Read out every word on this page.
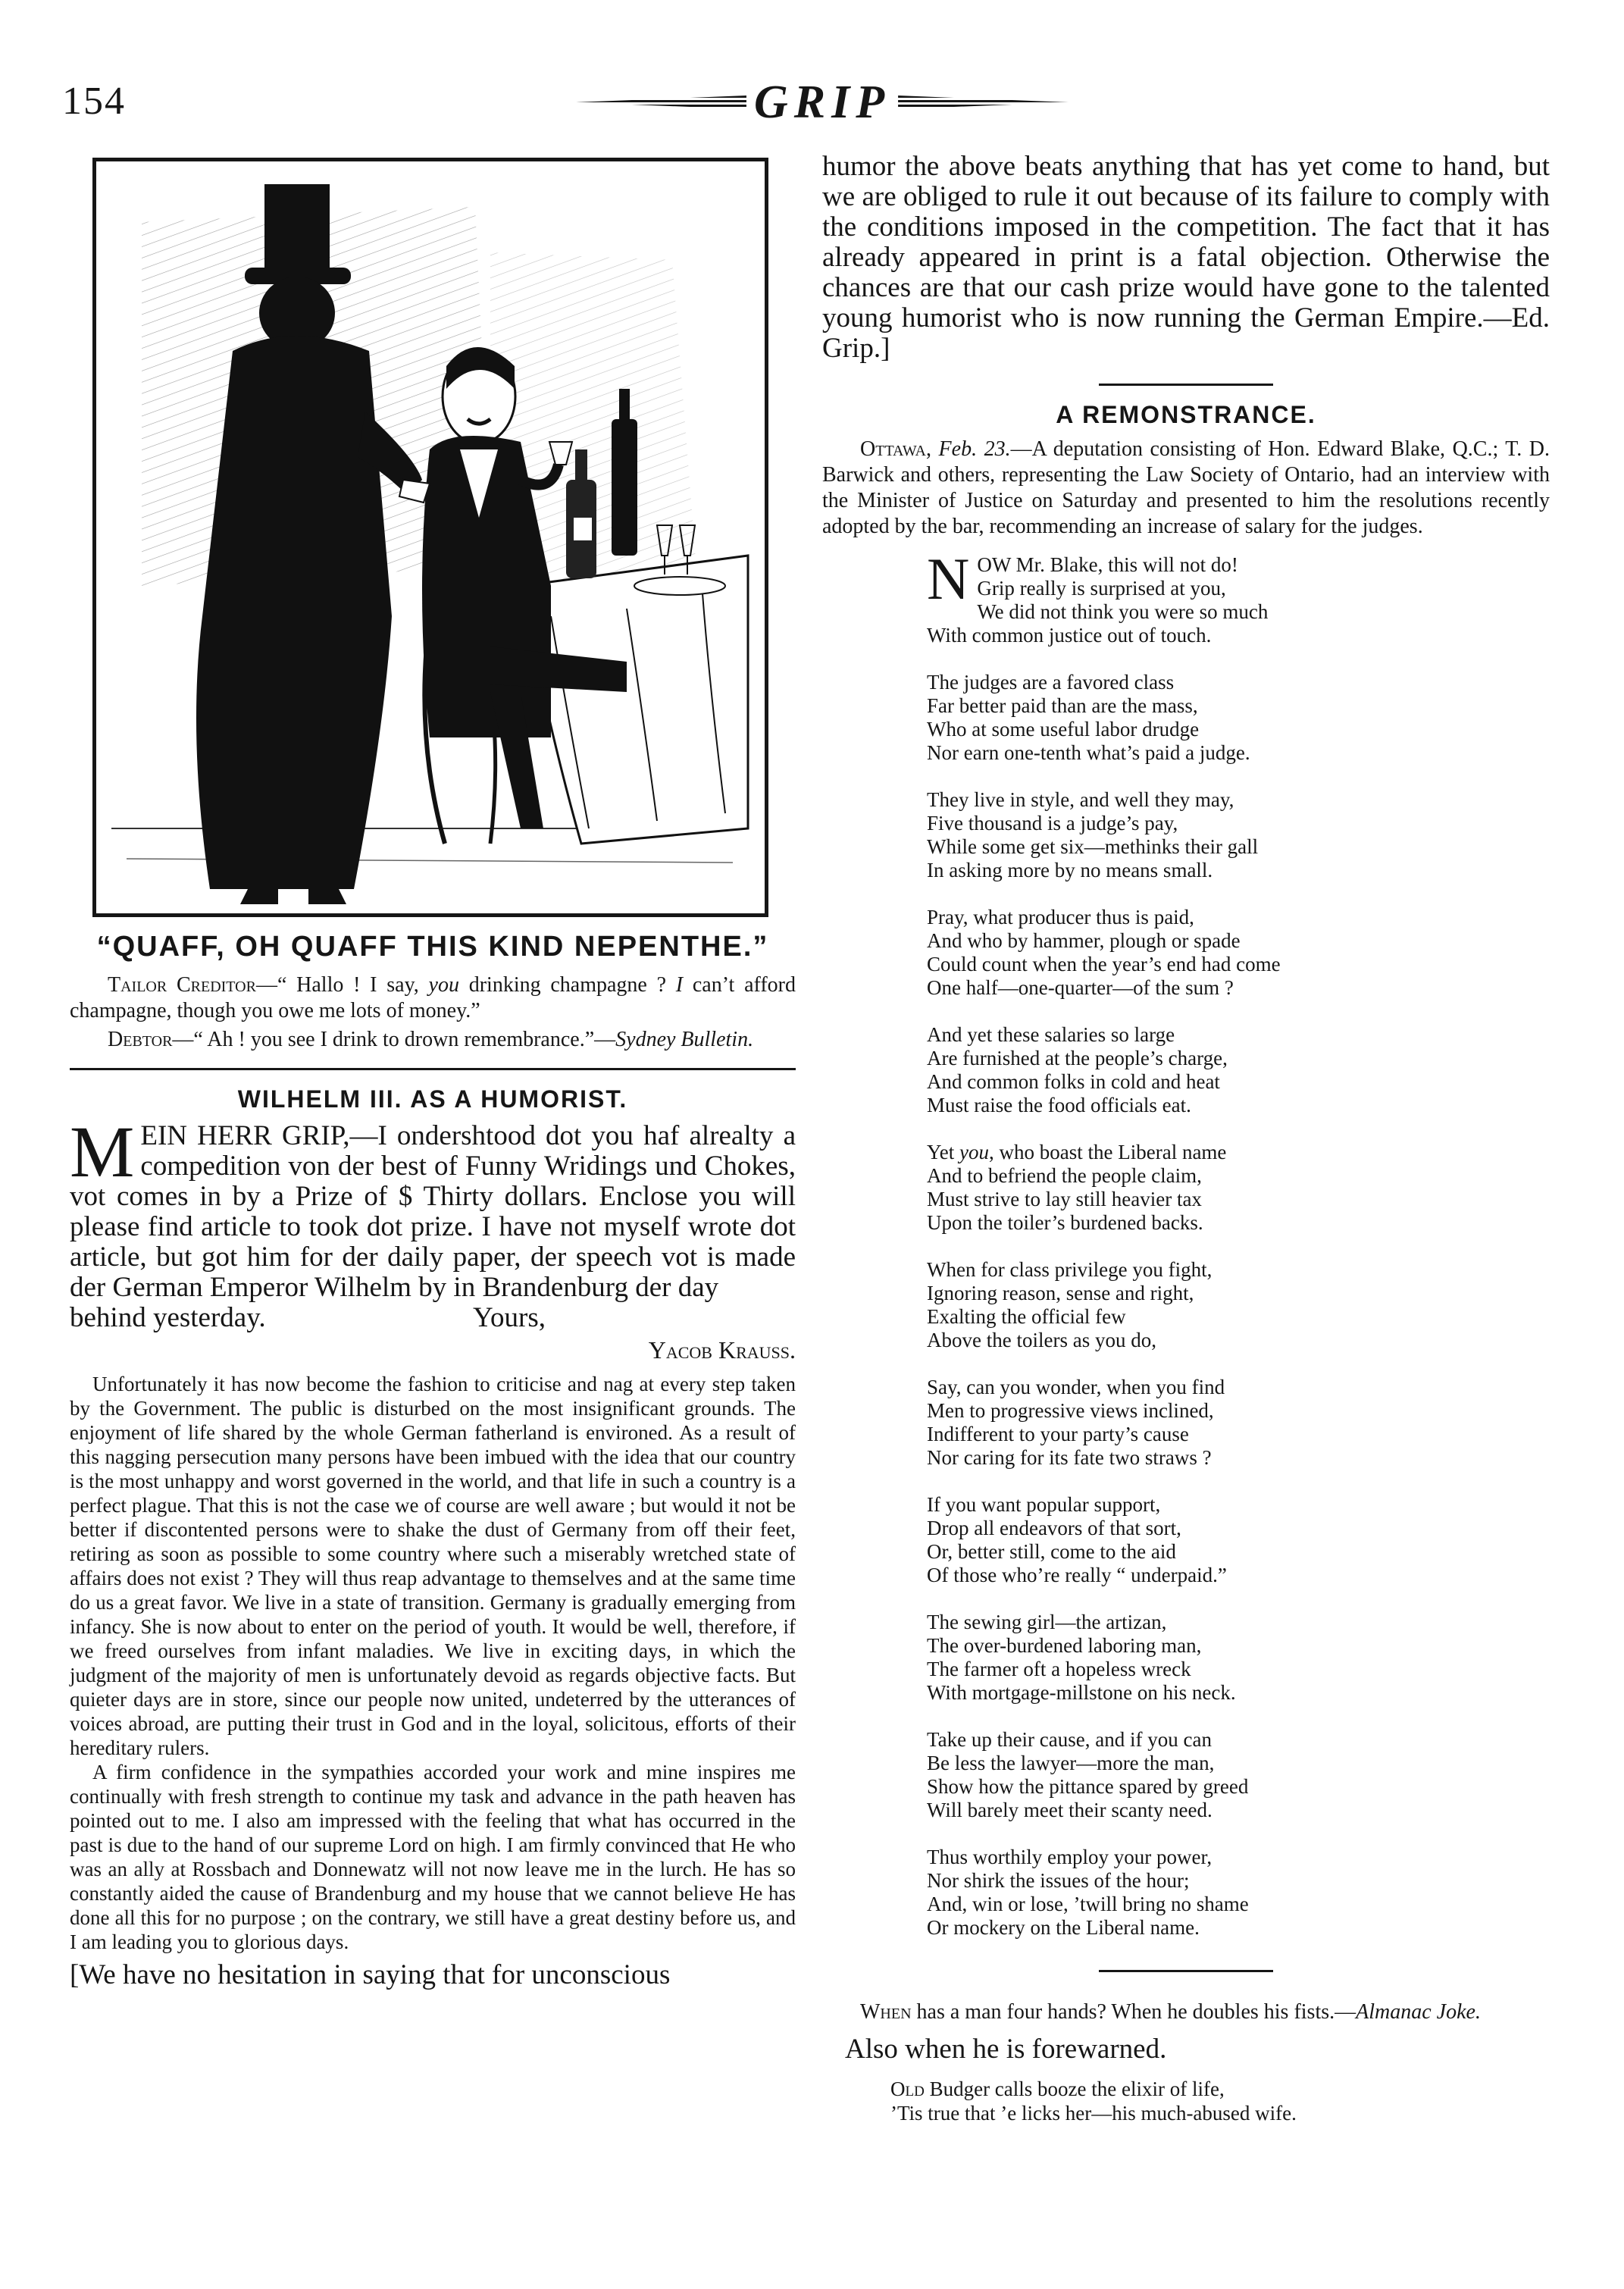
154	GRIP
“QUAFF, OH QUAFF THIS KIND NEPENTHE.”

Tailor Creditor—“ Hallo ! I say, you drinking champagne ? I can’t afford champagne, though you owe me lots of money.”

Debtor—“ Ah ! you see I drink to drown remembrance.”—Sydney Bulletin.

WILHELM III. AS A HUMORIST.

MEIN HERR GRIP,—I ondershtood dot you haf alrealty a compedition von der best of Funny Wridings und Chokes, vot comes in by a Prize of $ Thirty dollars. Enclose you will please find article to took dot prize. I have not myself wrote dot article, but got him for der daily paper, der speech vot is made der German Emperor Wilhelm by in Brandenburg der day

behind yesterday.	Yours,
Yacob Krauss.

Unfortunately it has now become the fashion to criticise and nag at every step taken by the Government. The public is disturbed on the most insignificant grounds. The enjoyment of life shared by the whole German fatherland is environed. As a result of this nagging persecution many persons have been imbued with the idea that our country is the most unhappy and worst governed in the world, and that life in such a country is a perfect plague. That this is not the case we of course are well aware ; but would it not be better if discontented persons were to shake the dust of Germany from off their feet, retiring as soon as possible to some country where such a miserably wretched state of affairs does not exist ? They will thus reap advantage to themselves and at the same time do us a great favor. We live in a state of transition. Germany is gradually emerging from infancy. She is now about to enter on the period of youth. It would be well, therefore, if we freed ourselves from infant maladies. We live in exciting days, in which the judgment of the majority of men is unfortunately devoid as regards objective facts. But quieter days are in store, since our people now united, undeterred by the utterances of voices abroad, are putting their trust in God and in the loyal, solicitous, efforts of their hereditary rulers.

A firm confidence in the sympathies accorded your work and mine inspires me continually with fresh strength to continue my task and advance in the path heaven has pointed out to me. I also am impressed with the feeling that what has occurred in the past is due to the hand of our supreme Lord on high. I am firmly convinced that He who was an ally at Rossbach and Donnewatz will not now leave me in the lurch. He has so constantly aided the cause of Brandenburg and my house that we cannot believe He has done all this for no purpose ; on the contrary, we still have a great destiny before us, and I am leading you to glorious days.

[We have no hesitation in saying that for unconscious

humor the above beats anything that has yet come to hand, but we are obliged to rule it out because of its failure to comply with the conditions imposed in the competition. The fact that it has already appeared in print is a fatal objection. Otherwise the chances are that our cash prize would have gone to the talented young humorist who is now running the German Empire.—Ed. Grip.]

A REMONSTRANCE.

Ottawa, Feb. 23.—A deputation consisting of Hon. Edward Blake, Q.C.; T. D. Barwick and others, representing the Law Society of Ontario, had an interview with the Minister of Justice on Saturday and presented to him the resolutions recently adopted by the bar, recommending an increase of salary for the judges.

N OW Mr. Blake, this will not do!
Grip really is surprised at you,
We did not think you were so much
With common justice out of touch.
The judges are a favored class
Far better paid than are the mass,
Who at some useful labor drudge
Nor earn one-tenth what’s paid a judge.
They live in style, and well they may,
Five thousand is a judge’s pay,
While some get six—methinks their gall
In asking more by no means small.
Pray, what producer thus is paid,
And who by hammer, plough or spade
Could count when the year’s end had come
One half—one-quarter—of the sum ?
And yet these salaries so large
Are furnished at the people’s charge,
And common folks in cold and heat
Must raise the food officials eat.
Yet you, who boast the Liberal name
And to befriend the people claim,
Must strive to lay still heavier tax
Upon the toiler’s burdened backs.
When for class privilege you fight,
Ignoring reason, sense and right,
Exalting the official few
Above the toilers as you do,
Say, can you wonder, when you find
Men to progressive views inclined,
Indifferent to your party’s cause
Nor caring for its fate two straws ?
If you want popular support,
Drop all endeavors of that sort,
Or, better still, come to the aid
Of those who’re really “ underpaid.”
The sewing girl—the artizan,
The over-burdened laboring man,
The farmer oft a hopeless wreck
With mortgage-millstone on his neck.
Take up their cause, and if you can
Be less the lawyer—more the man,
Show how the pittance spared by greed
Will barely meet their scanty need.
Thus worthily employ your power,
Nor shirk the issues of the hour;
And, win or lose, ’twill bring no shame
Or mockery on the Liberal name.

When has a man four hands? When he doubles his fists.—Almanac Joke.

Also when he is forewarned.

Old Budger calls booze the elixir of life,
’Tis true that ’e licks her—his much-abused wife.
